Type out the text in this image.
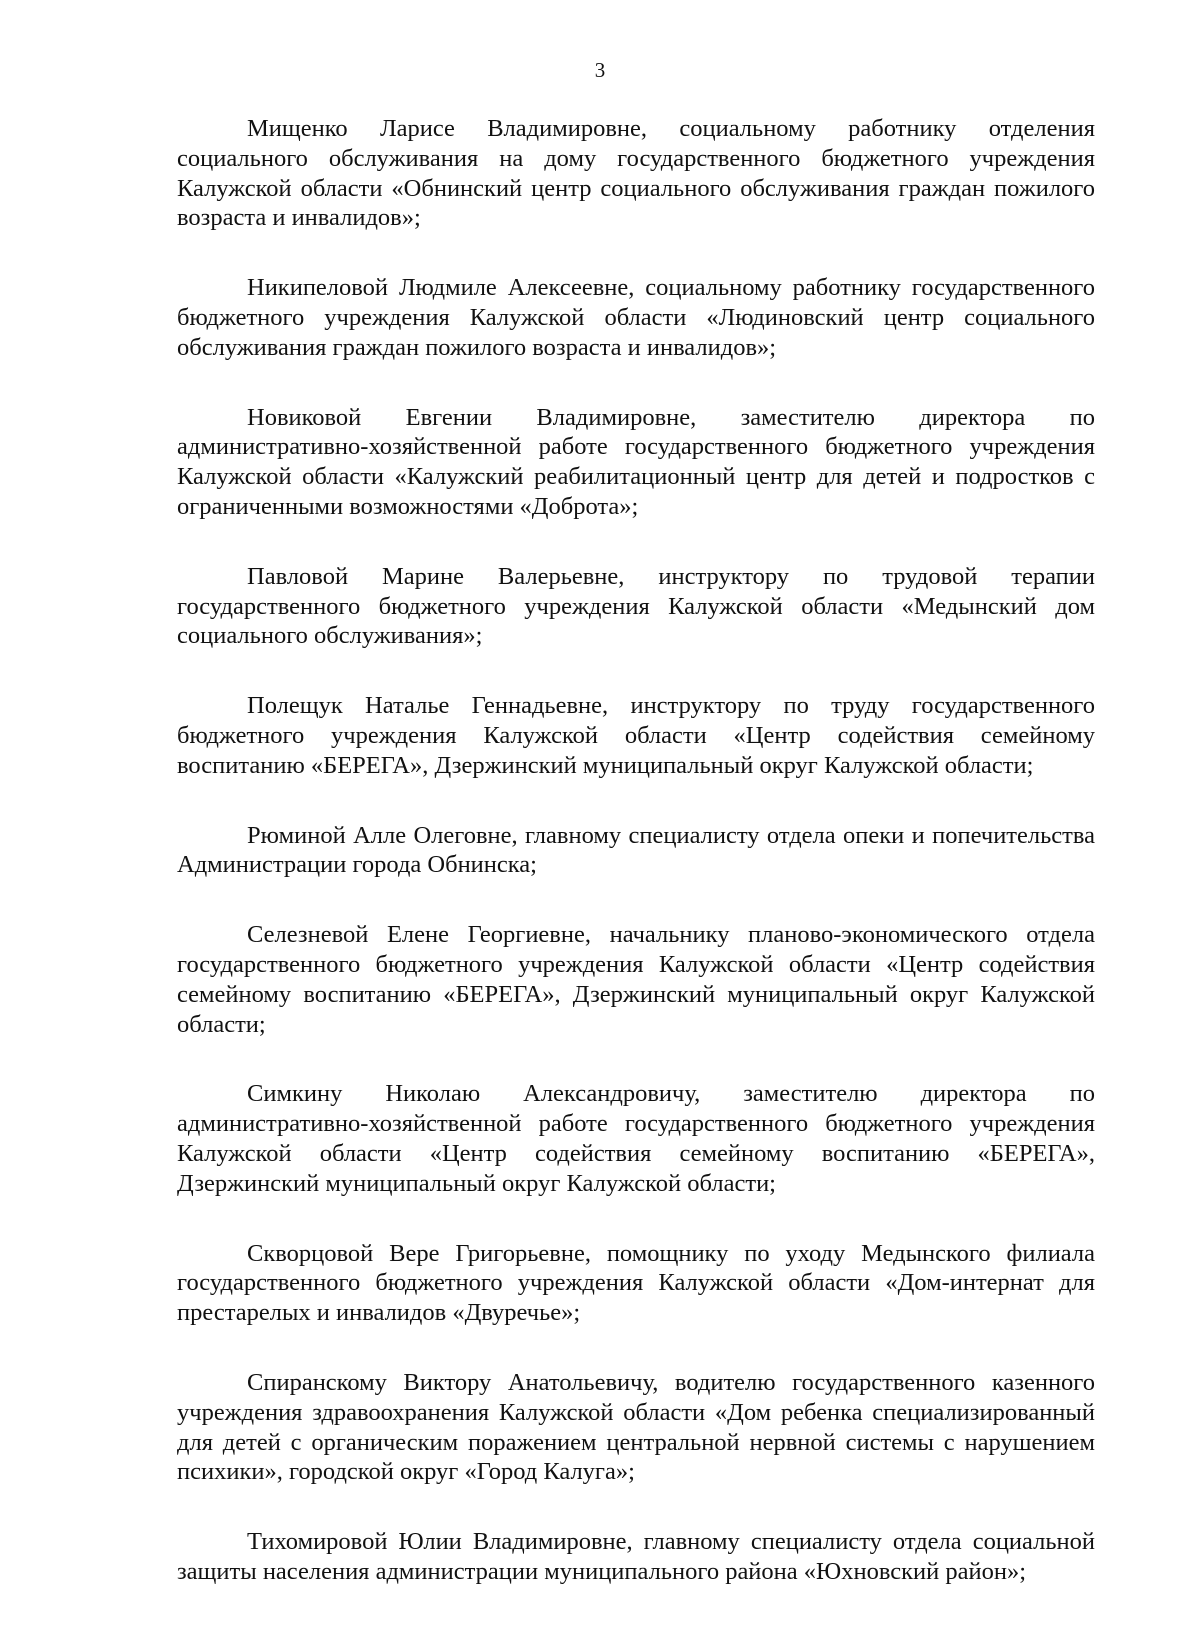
3

Мищенко Ларисе Владимировне, социальному работнику отделения социального обслуживания на дому государственного бюджетного учреждения Калужской области «Обнинский центр социального обслуживания граждан пожилого возраста и инвалидов»;

Никипеловой Людмиле Алексеевне, социальному работнику государственного бюджетного учреждения Калужской области «Людиновский центр социального обслуживания граждан пожилого возраста и инвалидов»;

Новиковой Евгении Владимировне, заместителю директора по административно-хозяйственной работе государственного бюджетного учреждения Калужской области «Калужский реабилитационный центр для детей и подростков с ограниченными возможностями «Доброта»;

Павловой Марине Валерьевне, инструктору по трудовой терапии государственного бюджетного учреждения Калужской области «Медынский дом социального обслуживания»;

Полещук Наталье Геннадьевне, инструктору по труду государственного бюджетного учреждения Калужской области «Центр содействия семейному воспитанию «БЕРЕГА», Дзержинский муниципальный округ Калужской области;

Рюминой Алле Олеговне, главному специалисту отдела опеки и попечительства Администрации города Обнинска;

Селезневой Елене Георгиевне, начальнику планово-экономического отдела государственного бюджетного учреждения Калужской области «Центр содействия семейному воспитанию «БЕРЕГА», Дзержинский муниципальный округ Калужской области;

Симкину Николаю Александровичу, заместителю директора по административно-хозяйственной работе государственного бюджетного учреждения Калужской области «Центр содействия семейному воспитанию «БЕРЕГА», Дзержинский муниципальный округ Калужской области;

Скворцовой Вере Григорьевне, помощнику по уходу Медынского филиала государственного бюджетного учреждения Калужской области «Дом-интернат для престарелых и инвалидов «Двуречье»;

Спиранскому Виктору Анатольевичу, водителю государственного казенного учреждения здравоохранения Калужской области «Дом ребенка специализированный для детей с органическим поражением центральной нервной системы с нарушением психики», городской округ «Город Калуга»;

Тихомировой Юлии Владимировне, главному специалисту отдела социальной защиты населения администрации муниципального района «Юхновский район»;
